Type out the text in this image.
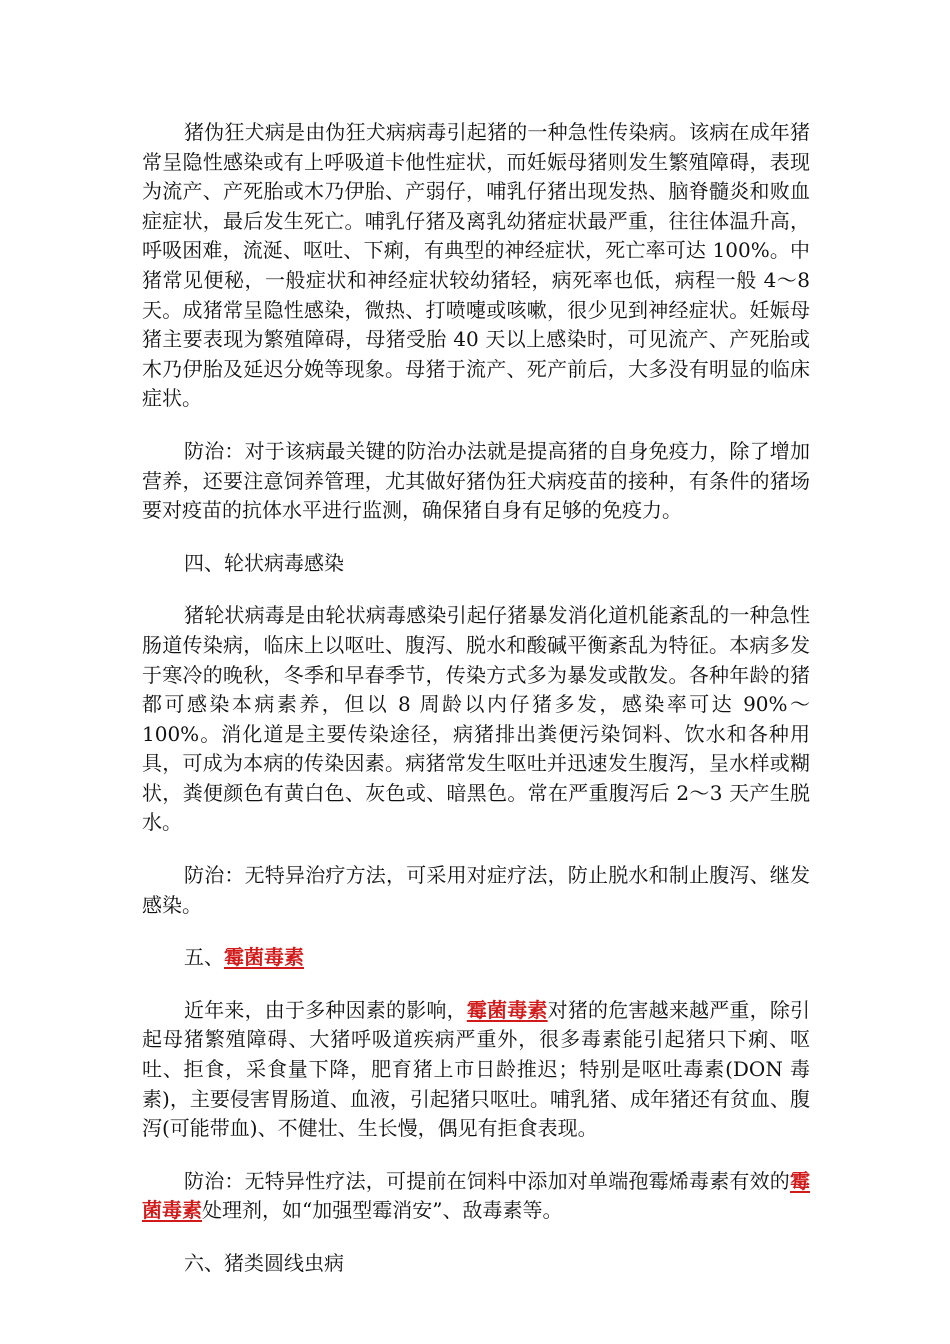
猪伪狂犬病是由伪狂犬病病毒引起猪的一种急性传染病。该病在成年猪常呈隐性感染或有上呼吸道卡他性症状，而妊娠母猪则发生繁殖障碍，表现为流产、产死胎或木乃伊胎、产弱仔，哺乳仔猪出现发热、脑脊髓炎和败血症症状，最后发生死亡。哺乳仔猪及离乳幼猪症状最严重，往往体温升高，呼吸困难，流涎、呕吐、下痢，有典型的神经症状，死亡率可达 100%。中猪常见便秘，一般症状和神经症状较幼猪轻，病死率也低，病程一般 4～8 天。成猪常呈隐性感染，微热、打喷嚏或咳嗽，很少见到神经症状。妊娠母猪主要表现为繁殖障碍，母猪受胎 40 天以上感染时，可见流产、产死胎或木乃伊胎及延迟分娩等现象。母猪于流产、死产前后，大多没有明显的临床症状。

防治：对于该病最关键的防治办法就是提高猪的自身免疫力，除了增加营养，还要注意饲养管理，尤其做好猪伪狂犬病疫苗的接种，有条件的猪场要对疫苗的抗体水平进行监测，确保猪自身有足够的免疫力。

四、轮状病毒感染

猪轮状病毒是由轮状病毒感染引起仔猪暴发消化道机能紊乱的一种急性肠道传染病，临床上以呕吐、腹泻、脱水和酸碱平衡紊乱为特征。本病多发于寒冷的晚秋，冬季和早春季节，传染方式多为暴发或散发。各种年龄的猪都可感染本病素养，但以 8 周龄以内仔猪多发，感染率可达 90%～100%。消化道是主要传染途径，病猪排出粪便污染饲料、饮水和各种用具，可成为本病的传染因素。病猪常发生呕吐并迅速发生腹泻，呈水样或糊状，粪便颜色有黄白色、灰色或、暗黑色。常在严重腹泻后 2～3 天产生脱水。

防治：无特异治疗方法，可采用对症疗法，防止脱水和制止腹泻、继发感染。

五、霉菌毒素

近年来，由于多种因素的影响，霉菌毒素对猪的危害越来越严重，除引起母猪繁殖障碍、大猪呼吸道疾病严重外，很多毒素能引起猪只下痢、呕吐、拒食，采食量下降，肥育猪上市日龄推迟；特别是呕吐毒素(DON 毒素)，主要侵害胃肠道、血液，引起猪只呕吐。哺乳猪、成年猪还有贫血、腹泻(可能带血)、不健壮、生长慢，偶见有拒食表现。

防治：无特异性疗法，可提前在饲料中添加对单端孢霉烯毒素有效的霉菌毒素处理剂，如“加强型霉消安”、敌毒素等。

六、猪类圆线虫病
